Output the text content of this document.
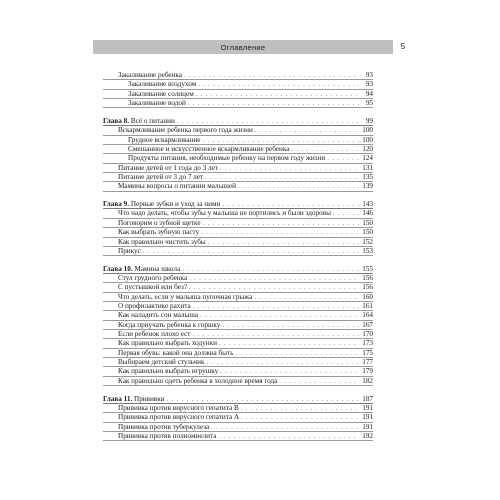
Оглавление	5
Закаливание ребенка . . .	93
Закаливание воздухом . . .	93
Закаливание солнцем . . .	94
Закаливание водой . . .	95
Глава 8. Всё о питании . . .	99
Вскармливание ребенка первого года жизни . . .	100
Грудное вскармливание . . .	100
Смешанное и искусственное вскармливание ребенка . . .	120
Продукты питания, необходимые ребенку на первом году жизни . . .	124
Питание детей от 1 года до 3 лет . . .	131
Питание детей от 3 до 7 лет . . .	135
Мамины вопросы о питании малышей . . .	139
Глава 9. Первые зубки и уход за ними . . .	143
Что надо делать, чтобы зубы у малыша не портились и были здоровы . . .	146
Поговорим о зубной щетке . . .	150
Как выбрать зубную пасту . . .	150
Как правильно чистить зубы . . .	152
Прикус . . .	153
Глава 10. Мамина школа . . .	155
Стул грудного ребенка . . .	156
С пустышкой или без? . . .	156
Что делать, если у малыша пупочная грыжа . . .	160
О профилактике рахита . . .	161
Как наладить сон малыша . . .	164
Когда приучать ребенка к горшку . . .	167
Если ребенок плохо ест . . .	170
Как правильно выбрать ходунки . . .	173
Первая обувь: какой она должна быть . . .	175
Выбираем детский стульчик . . .	177
Как правильно выбрать игрушку . . .	179
Как правильно одеть ребенка в холодное время года . . .	182
Глава 11. Прививки . . .	187
Прививка против вирусного гепатита В . . .	191
Прививка против вирусного гепатита А . . .	191
Прививка против туберкулеза . . .	191
Прививка против полиомиелита . . .	192
